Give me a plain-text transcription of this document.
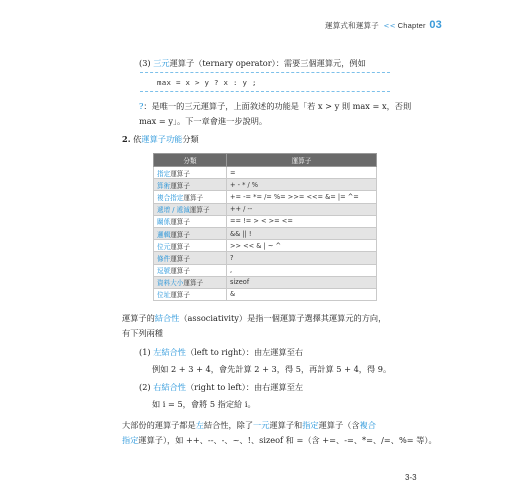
運算式和運算子 << Chapter 03
(3) 三元運算子（ternary operator）：需要三個運算元，例如
max = x > y ? x : y ;
?：是唯一的三元運算子，上面敘述的功能是「若 x > y 則 max = x，否則
max = y」。下一章會進一步說明。
2. 依運算子功能分類
分類	運算子
指定運算子	=
算術運算子	+ - * / %
複合指定運算子	+= -= *= /= %= >>= <<= &= |= ^=
遞增 / 遞減運算子	++ / --
關係運算子	== != > < >= <=
邏輯運算子	&& || !
位元運算子	>> << & | ~ ^
條件運算子	?
逗號運算子	,
資料大小運算子	sizeof
位址運算子	&
運算子的結合性（associativity）是指一個運算子選擇其運算元的方向，
有下列兩種
(1) 左結合性（left to right）：由左運算至右
例如 2 + 3 + 4，會先計算 2 + 3，得 5，再計算 5 + 4，得 9。
(2) 右結合性（right to left）：由右運算至左
如 i = 5，會將 5 指定給 i。
大部份的運算子都是左結合性，除了一元運算子和指定運算子（含複合
指定運算子），如 ++、--、-、~、!、sizeof 和 =（含 +=、-=、*=、/=、%= 等）。
3-3
